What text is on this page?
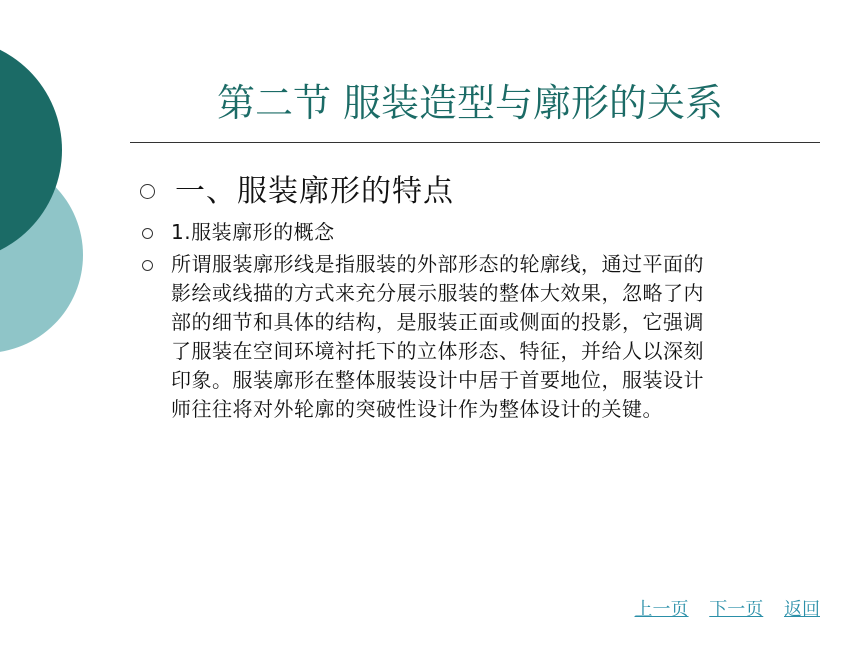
第二节 服装造型与廓形的关系
一、服装廓形的特点
1.服装廓形的概念
所谓服装廓形线是指服装的外部形态的轮廓线，通过平面的
影绘或线描的方式来充分展示服装的整体大效果，忽略了内
部的细节和具体的结构，是服装正面或侧面的投影，它强调
了服装在空间环境衬托下的立体形态、特征，并给人以深刻
印象。服装廓形在整体服装设计中居于首要地位，服装设计
师往往将对外轮廓的突破性设计作为整体设计的关键。
上一页 下一页 返回
